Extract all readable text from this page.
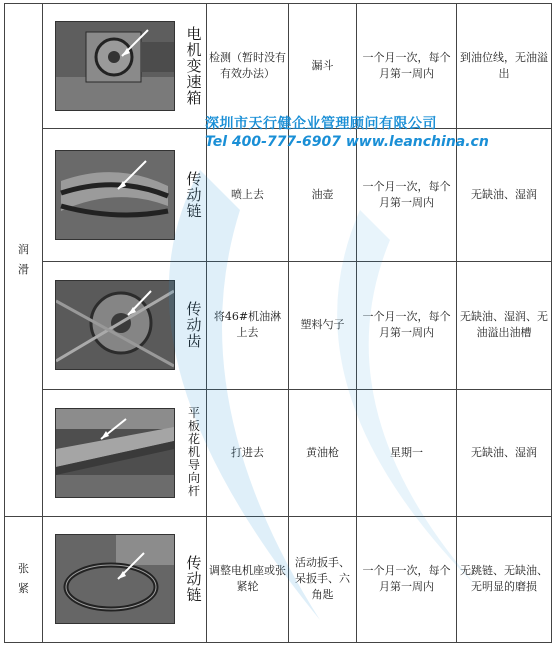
润滑	电机变速箱	检测（暂时没有有效办法）	漏斗	一个月一次，每个月第一周内	到油位线，无油溢出

	传动链	喷上去	油壶	一个月一次，每个月第一周内	无缺油、湿润

	传动齿	将46#机油淋上去	塑料勺子	一个月一次，每个月第一周内	无缺油、湿润、无油溢出油槽

	平板花机导向杆	打进去	黄油枪	星期一	无缺油、湿润
张紧	传动链	调整电机座或张紧轮	活动扳手、呆扳手、六角匙	一个月一次，每个月第一周内	无跳链、无缺油、无明显的磨损
深圳市天行健企业管理顾问有限公司
Tel 400-777-6907 www.leanchina.cn
